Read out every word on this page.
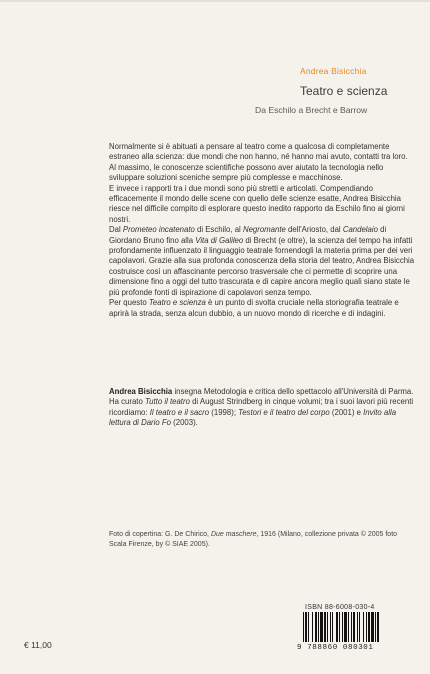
Andrea Bisicchia
Teatro e scienza
Da Eschilo a Brecht e Barrow

Normalmente si è abituati a pensare al teatro come a qualcosa di completamente estraneo alla scienza: due mondi che non hanno, né hanno mai avuto, contatti tra loro. Al massimo, le conoscenze scientifiche possono aver aiutato la tecnologia nello sviluppare soluzioni sceniche sempre più complesse e macchinose.

E invece i rapporti tra i due mondi sono più stretti e articolati. Compendiando efficacemente il mondo delle scene con quello delle scienze esatte, Andrea Bisicchia riesce nel difficile compito di esplorare questo inedito rapporto da Eschilo fino ai giorni nostri.

Dal Prometeo incatenato di Eschilo, al Negromante dell'Ariosto, dal Candelaio di Giordano Bruno fino alla Vita di Galileo di Brecht (e oltre), la scienza del tempo ha infatti profondamente influenzato il linguaggio teatrale fornendogli la materia prima per dei veri capolavori. Grazie alla sua profonda conoscenza della storia del teatro, Andrea Bisicchia costruisce così un affascinante percorso trasversale che ci permette di scoprire una dimensione fino a oggi del tutto trascurata e di capire ancora meglio quali siano state le più profonde fonti di ispirazione di capolavori senza tempo.

Per questo Teatro e scienza è un punto di svolta cruciale nella storiografia teatrale e aprirà la strada, senza alcun dubbio, a un nuovo mondo di ricerche e di indagini.

Andrea Bisicchia insegna Metodologia e critica dello spettacolo all'Università di Parma. Ha curato Tutto il teatro di August Strindberg in cinque volumi; tra i suoi lavori più recenti ricordiamo: Il teatro e il sacro (1998); Testori e il teatro del corpo (2001) e Invito alla lettura di Dario Fo (2003).
Foto di copertina: G. De Chirico, Due maschere, 1916 (Milano, collezione privata © 2005 foto Scala Firenze, by © SIAE 2005).
ISBN 88-6008-030-4
9 788860 080301
€ 11,00
